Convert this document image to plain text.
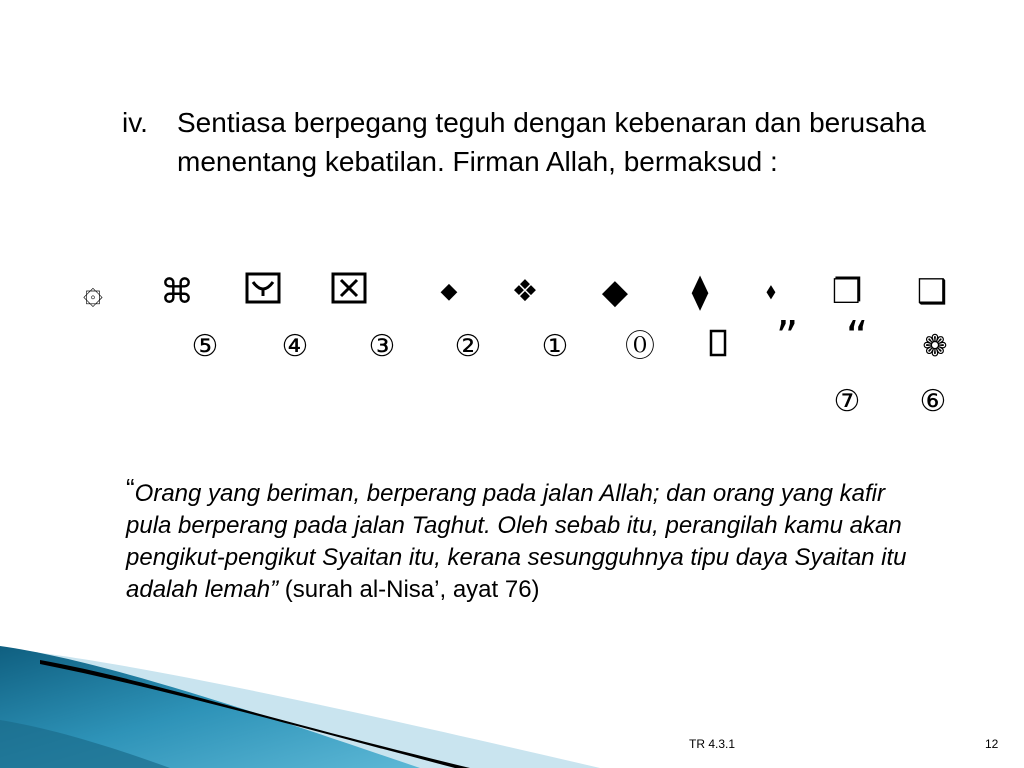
iv. Sentiasa berpegang teguh dengan kebenaran dan berusaha menentang kebatilan. Firman Allah, bermaksud :
۞	⌘	◆	❖	◆	⧫	⬧	❐ ❑
⑤	④	③	②	①	⓪	”	“	❁
⑦	⑥
“Orang yang beriman, berperang pada jalan Allah; dan orang yang kafir pula berperang pada jalan Taghut. Oleh sebab itu, perangilah kamu akan pengikut-pengikut Syaitan itu, kerana sesungguhnya tipu daya Syaitan itu adalah lemah” (surah al-Nisa’, ayat 76)
TR 4.3.1	12
